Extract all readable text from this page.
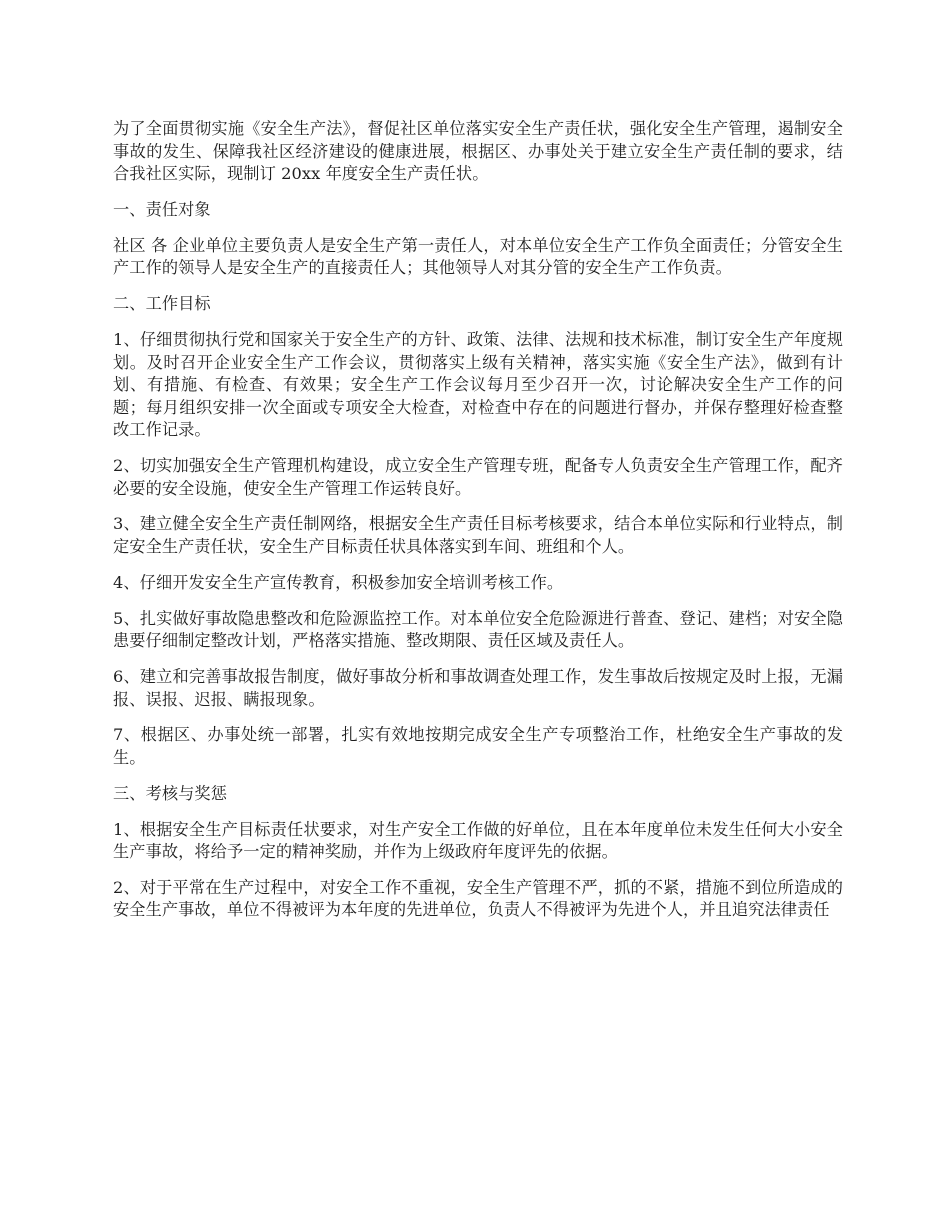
为了全面贯彻实施《安全生产法》，督促社区单位落实安全生产责任状，强化安全生产管理，遏制安全事故的发生、保障我社区经济建设的健康进展，根据区、办事处关于建立安全生产责任制的要求，结合我社区实际，现制订 20xx 年度安全生产责任状。

一、责任对象

社区 各 企业单位主要负责人是安全生产第一责任人，对本单位安全生产工作负全面责任；分管安全生产工作的领导人是安全生产的直接责任人；其他领导人对其分管的安全生产工作负责。

二、工作目标

1、仔细贯彻执行党和国家关于安全生产的方针、政策、法律、法规和技术标准，制订安全生产年度规划。及时召开企业安全生产工作会议，贯彻落实上级有关精神，落实实施《安全生产法》，做到有计划、有措施、有检查、有效果；安全生产工作会议每月至少召开一次，讨论解决安全生产工作的问题；每月组织安排一次全面或专项安全大检查，对检查中存在的问题进行督办，并保存整理好检查整改工作记录。

2、切实加强安全生产管理机构建设，成立安全生产管理专班，配备专人负责安全生产管理工作，配齐必要的安全设施，使安全生产管理工作运转良好。

3、建立健全安全生产责任制网络，根据安全生产责任目标考核要求，结合本单位实际和行业特点，制定安全生产责任状，安全生产目标责任状具体落实到车间、班组和个人。

4、仔细开发安全生产宣传教育，积极参加安全培训考核工作。

5、扎实做好事故隐患整改和危险源监控工作。对本单位安全危险源进行普查、登记、建档；对安全隐患要仔细制定整改计划，严格落实措施、整改期限、责任区域及责任人。

6、建立和完善事故报告制度，做好事故分析和事故调查处理工作，发生事故后按规定及时上报，无漏报、误报、迟报、瞒报现象。

7、根据区、办事处统一部署，扎实有效地按期完成安全生产专项整治工作，杜绝安全生产事故的发生。

三、考核与奖惩

1、根据安全生产目标责任状要求，对生产安全工作做的好单位，且在本年度单位未发生任何大小安全生产事故，将给予一定的精神奖励，并作为上级政府年度评先的依据。

2、对于平常在生产过程中，对安全工作不重视，安全生产管理不严，抓的不紧，措施不到位所造成的安全生产事故，单位不得被评为本年度的先进单位，负责人不得被评为先进个人，并且追究法律责任
